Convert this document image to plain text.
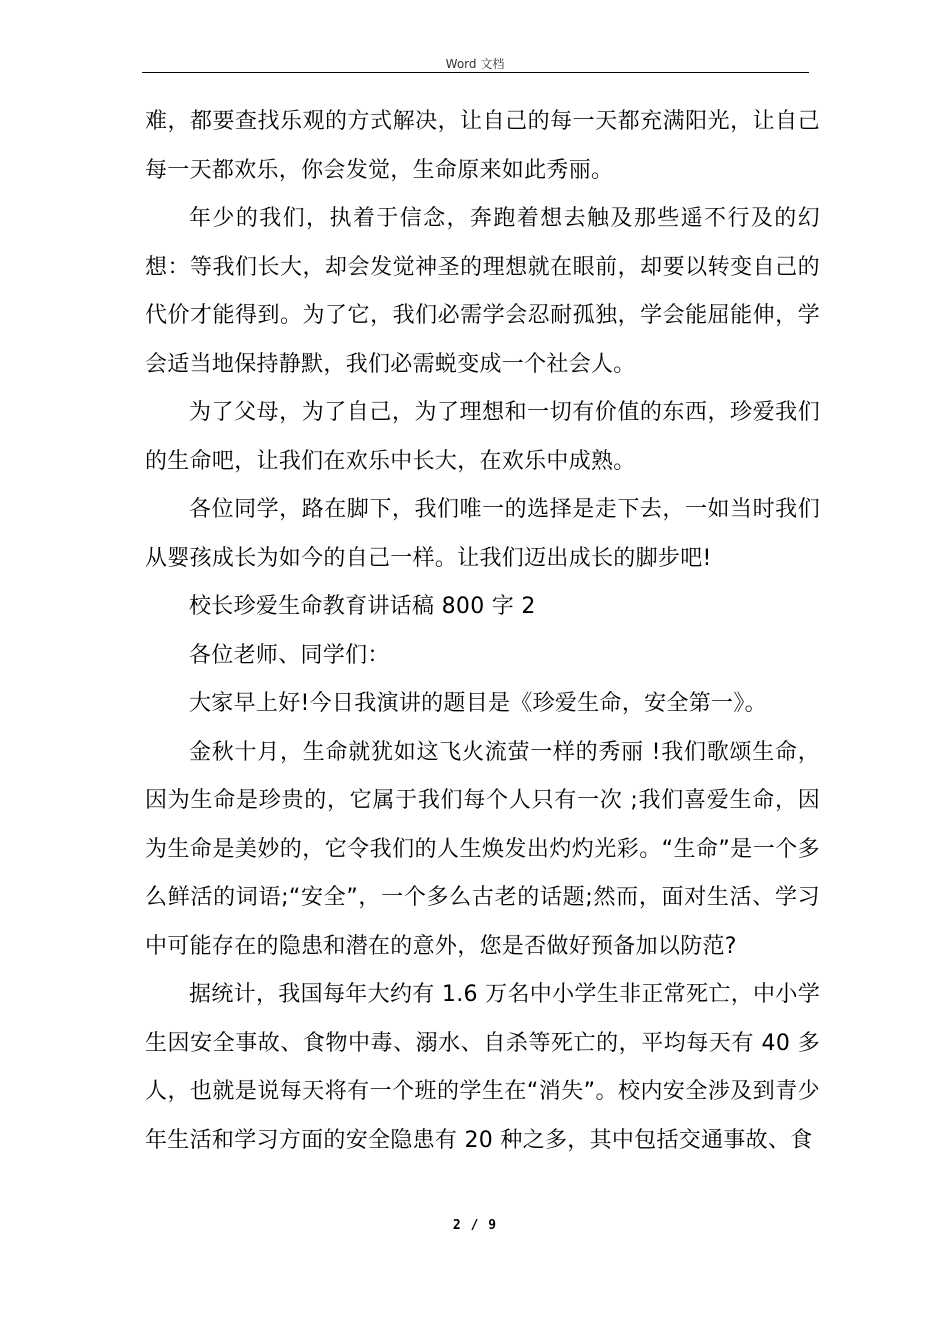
Word 文档

难，都要查找乐观的方式解决，让自己的每一天都充满阳光，让自己每一天都欢乐，你会发觉，生命原来如此秀丽。

年少的我们，执着于信念，奔跑着想去触及那些遥不行及的幻想：等我们长大，却会发觉神圣的理想就在眼前，却要以转变自己的代价才能得到。为了它，我们必需学会忍耐孤独，学会能屈能伸，学会适当地保持静默，我们必需蜕变成一个社会人。

为了父母，为了自己，为了理想和一切有价值的东西，珍爱我们的生命吧，让我们在欢乐中长大，在欢乐中成熟。

各位同学，路在脚下，我们唯一的选择是走下去，一如当时我们从婴孩成长为如今的自己一样。让我们迈出成长的脚步吧!

校长珍爱生命教育讲话稿 800 字 2

各位老师、同学们：

大家早上好!今日我演讲的题目是《珍爱生命，安全第一》。

金秋十月，生命就犹如这飞火流萤一样的秀丽 !我们歌颂生命，因为生命是珍贵的，它属于我们每个人只有一次 ;我们喜爱生命，因为生命是美妙的，它令我们的人生焕发出灼灼光彩。“生命”是一个多么鲜活的词语;“安全”，一个多么古老的话题;然而，面对生活、学习中可能存在的隐患和潜在的意外，您是否做好预备加以防范?

据统计，我国每年大约有 1.6 万名中小学生非正常死亡，中小学生因安全事故、食物中毒、溺水、自杀等死亡的，平均每天有 40 多人，也就是说每天将有一个班的学生在“消失”。校内安全涉及到青少年生活和学习方面的安全隐患有 20 种之多，其中包括交通事故、食

2 / 9
